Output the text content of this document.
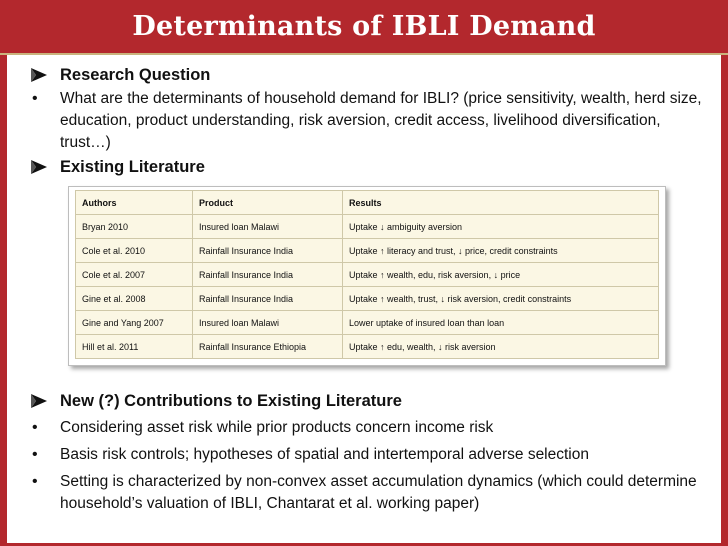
Determinants of IBLI Demand
Research Question
• What are the determinants of household demand for IBLI? (price sensitivity, wealth, herd size, education, product understanding, risk aversion, credit access, livelihood diversification, trust…)
Existing Literature
Authors	Product	Results
Bryan 2010	Insured loan Malawi	Uptake ↓ ambiguity aversion
Cole et al. 2010	Rainfall Insurance India	Uptake ↑ literacy and trust, ↓ price, credit constraints
Cole et al. 2007	Rainfall Insurance India	Uptake ↑ wealth, edu, risk aversion, ↓ price
Gine et al. 2008	Rainfall Insurance India	Uptake ↑ wealth, trust, ↓ risk aversion, credit constraints
Gine and Yang 2007	Insured loan Malawi	Lower uptake of insured loan than loan
Hill et al. 2011	Rainfall Insurance Ethiopia	Uptake ↑ edu, wealth, ↓ risk aversion
New (?) Contributions to Existing Literature
• Considering asset risk while prior products concern income risk
• Basis risk controls; hypotheses of spatial and intertemporal adverse selection
• Setting is characterized by non-convex asset accumulation dynamics (which could determine household’s valuation of IBLI, Chantarat et al. working paper)
